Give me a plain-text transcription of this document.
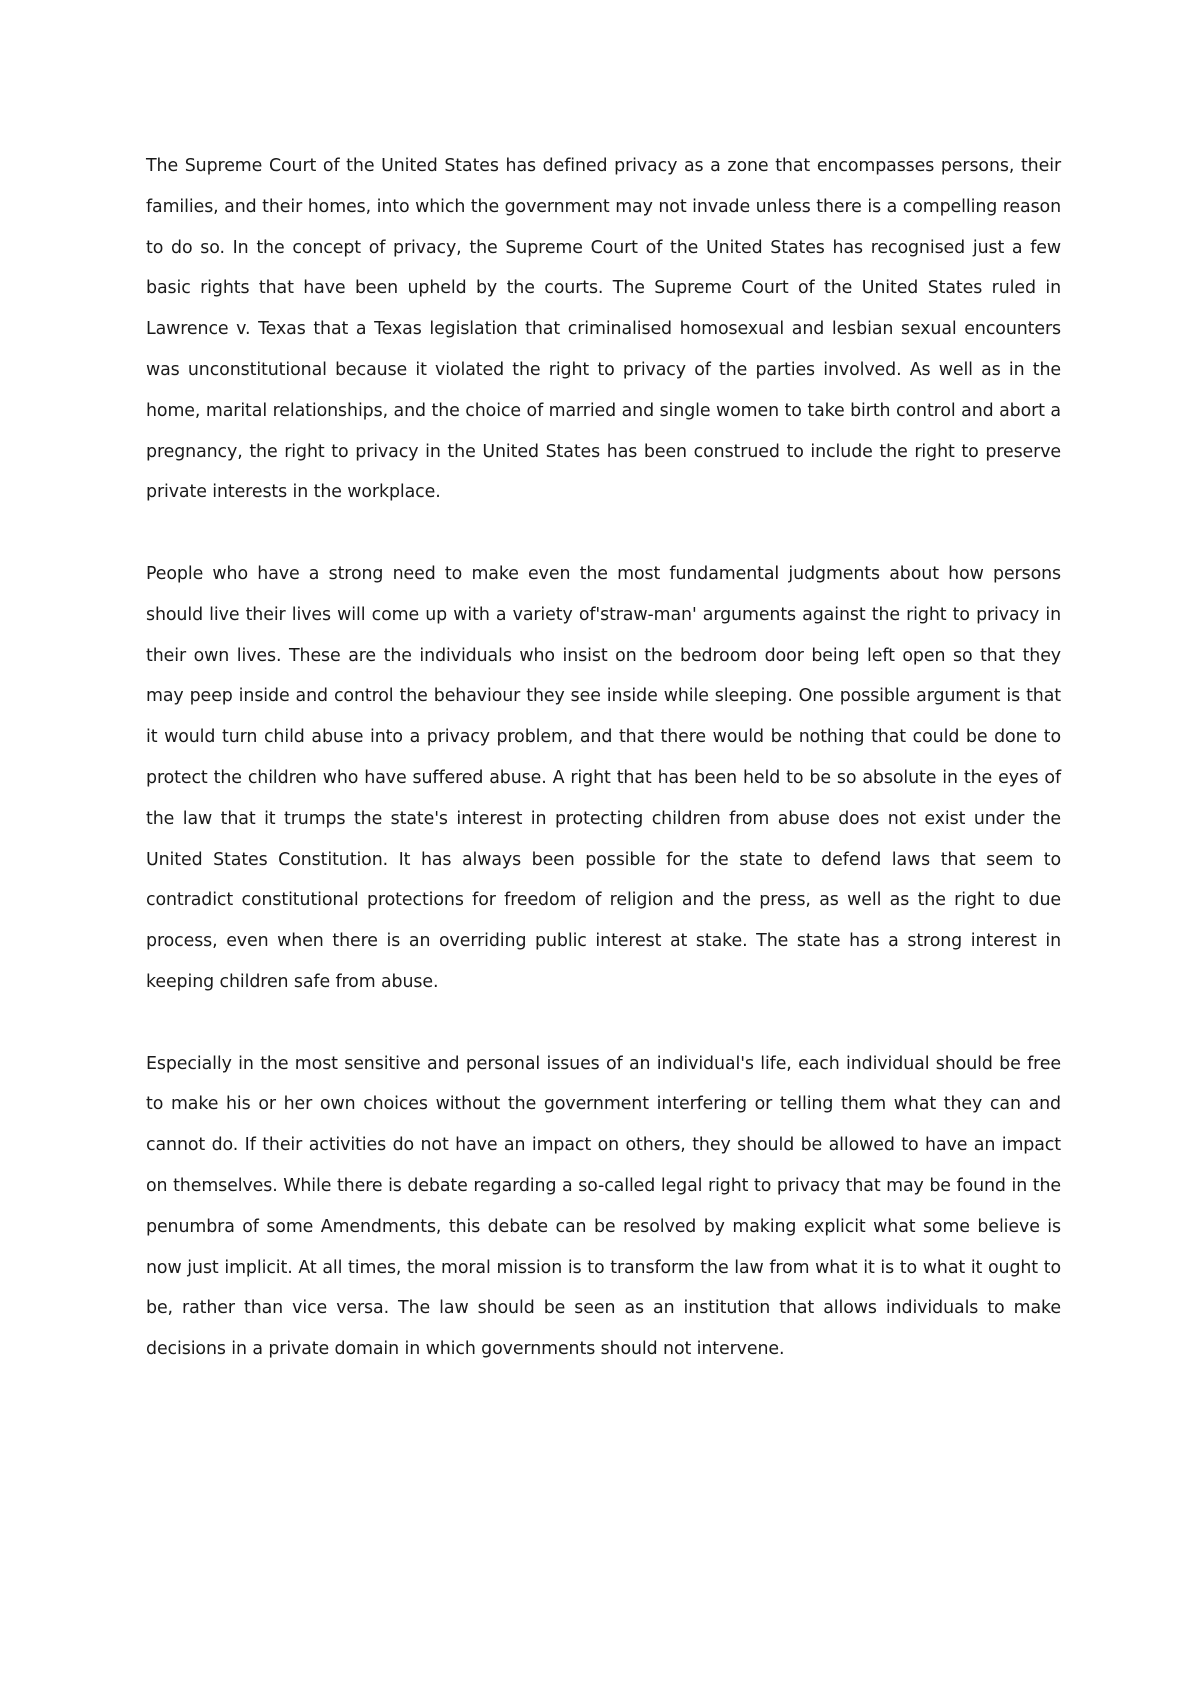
The Supreme Court of the United States has defined privacy as a zone that encompasses persons, their families, and their homes, into which the government may not invade unless there is a compelling reason to do so. In the concept of privacy, the Supreme Court of the United States has recognised just a few basic rights that have been upheld by the courts. The Supreme Court of the United States ruled in Lawrence v. Texas that a Texas legislation that criminalised homosexual and lesbian sexual encounters was unconstitutional because it violated the right to privacy of the parties involved. As well as in the home, marital relationships, and the choice of married and single women to take birth control and abort a pregnancy, the right to privacy in the United States has been construed to include the right to preserve private interests in the workplace.

People who have a strong need to make even the most fundamental judgments about how persons should live their lives will come up with a variety of'straw-man' arguments against the right to privacy in their own lives. These are the individuals who insist on the bedroom door being left open so that they may peep inside and control the behaviour they see inside while sleeping. One possible argument is that it would turn child abuse into a privacy problem, and that there would be nothing that could be done to protect the children who have suffered abuse. A right that has been held to be so absolute in the eyes of the law that it trumps the state's interest in protecting children from abuse does not exist under the United States Constitution. It has always been possible for the state to defend laws that seem to contradict constitutional protections for freedom of religion and the press, as well as the right to due process, even when there is an overriding public interest at stake. The state has a strong interest in keeping children safe from abuse.

Especially in the most sensitive and personal issues of an individual's life, each individual should be free to make his or her own choices without the government interfering or telling them what they can and cannot do. If their activities do not have an impact on others, they should be allowed to have an impact on themselves. While there is debate regarding a so-called legal right to privacy that may be found in the penumbra of some Amendments, this debate can be resolved by making explicit what some believe is now just implicit. At all times, the moral mission is to transform the law from what it is to what it ought to be, rather than vice versa. The law should be seen as an institution that allows individuals to make decisions in a private domain in which governments should not intervene.
